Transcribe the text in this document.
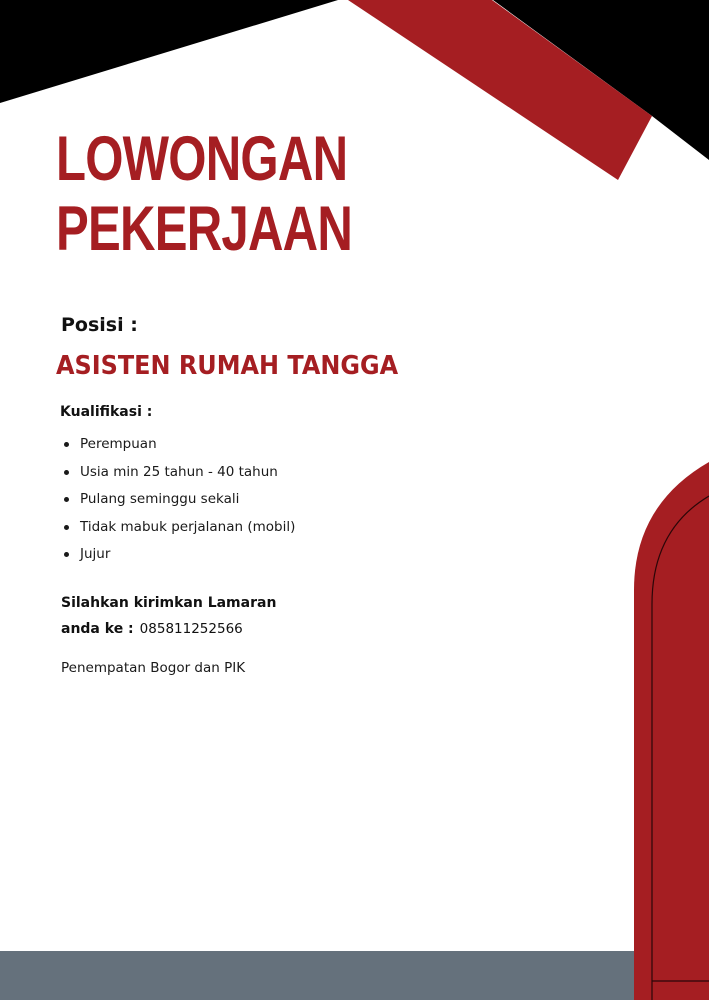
LOWONGAN
PEKERJAAN
Posisi :
ASISTEN RUMAH TANGGA
Kualifikasi :
Perempuan
Usia min 25 tahun - 40 tahun
Pulang seminggu sekali
Tidak mabuk perjalanan (mobil)
Jujur
Silahkan kirimkan Lamaran
anda ke : 085811252566
Penempatan Bogor dan PIK
